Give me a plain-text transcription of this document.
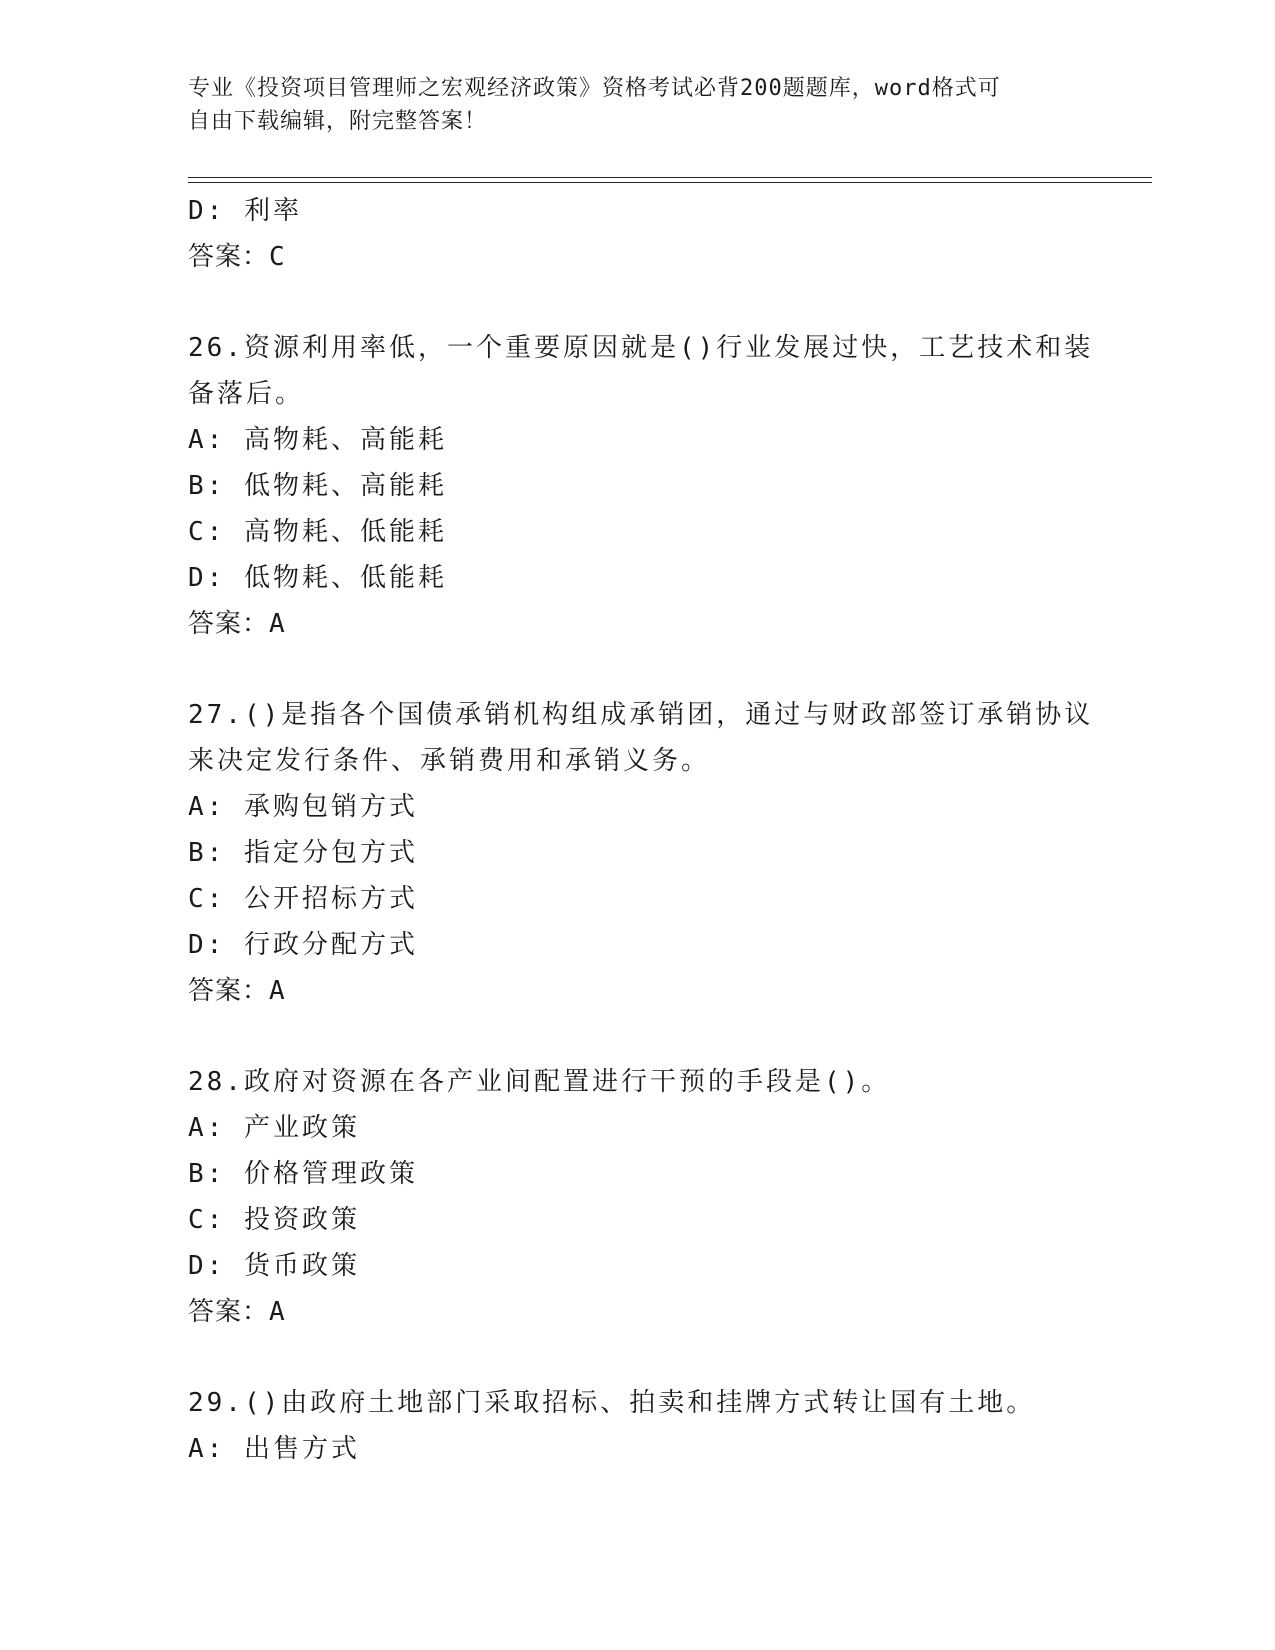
专业《投资项目管理师之宏观经济政策》资格考试必背200题题库，word格式可
自由下载编辑，附完整答案！
D: 利率
答案：C
26.资源利用率低，一个重要原因就是()行业发展过快，工艺技术和装
备落后。
A: 高物耗、高能耗
B: 低物耗、高能耗
C: 高物耗、低能耗
D: 低物耗、低能耗
答案：A
27.()是指各个国债承销机构组成承销团，通过与财政部签订承销协议
来决定发行条件、承销费用和承销义务。
A: 承购包销方式
B: 指定分包方式
C: 公开招标方式
D: 行政分配方式
答案：A
28.政府对资源在各产业间配置进行干预的手段是()。
A: 产业政策
B: 价格管理政策
C: 投资政策
D: 货币政策
答案：A
29.()由政府土地部门采取招标、拍卖和挂牌方式转让国有土地。
A: 出售方式
